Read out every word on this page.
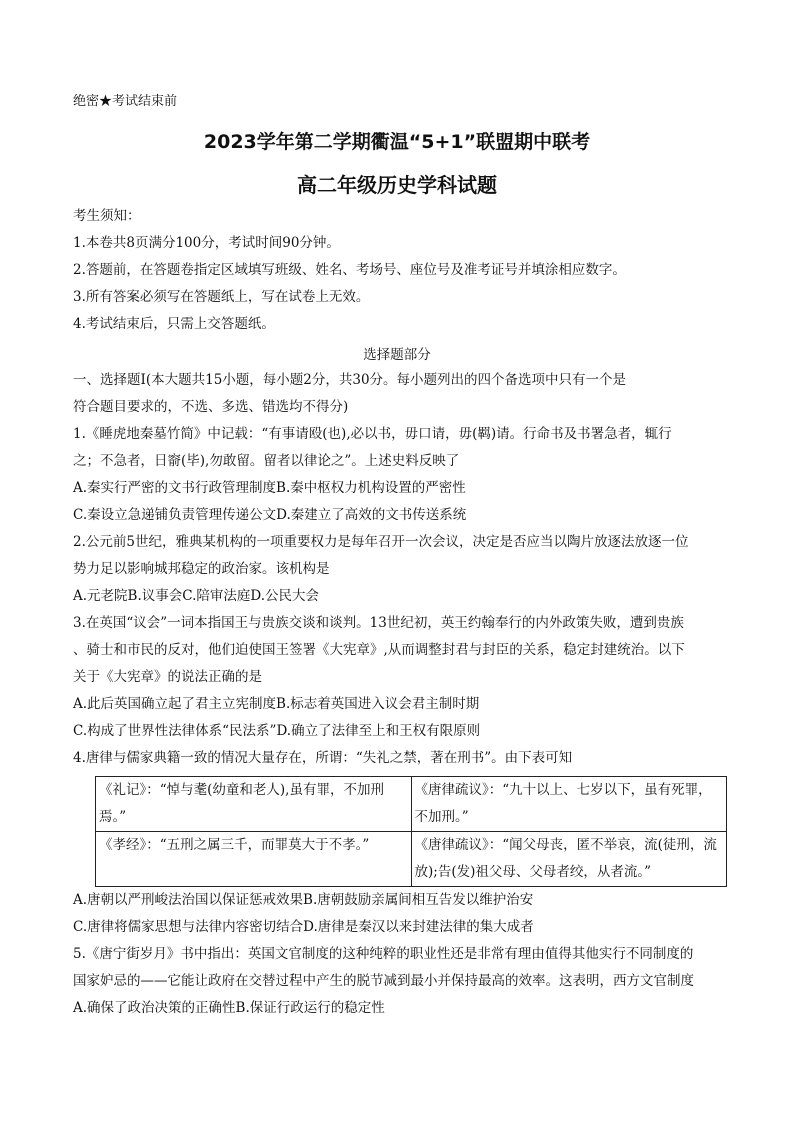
绝密★考试结束前
2023学年第二学期衢温“5+1”联盟期中联考
高二年级历史学科试题
考生须知：
1.本卷共8页满分100分，考试时间90分钟。
2.答题前，在答题卷指定区域填写班级、姓名、考场号、座位号及准考证号并填涂相应数字。
3.所有答案必须写在答题纸上，写在试卷上无效。
4.考试结束后，只需上交答题纸。
选择题部分
一、选择题Ⅰ(本大题共15小题，每小题2分，共30分。每小题列出的四个备选项中只有一个是
符合题目要求的，不选、多选、错选均不得分)
1.《睡虎地秦墓竹简》中记载：“有事请殴(也),必以书，毋口请，毋(羁)请。行命书及书署急者，辄行
之；不急者，日窬(毕),勿敢留。留者以律论之”。上述史料反映了
A.秦实行严密的文书行政管理制度B.秦中枢权力机构设置的严密性
C.秦设立急递铺负责管理传递公文D.秦建立了高效的文书传送系统
2.公元前5世纪，雅典某机构的一项重要权力是每年召开一次会议，决定是否应当以陶片放逐法放逐一位
势力足以影响城邦稳定的政治家。该机构是
A.元老院B.议事会C.陪审法庭D.公民大会
3.在英国“议会”一词本指国王与贵族交谈和谈判。13世纪初，英王约翰奉行的内外政策失败，遭到贵族
、骑士和市民的反对，他们迫使国王签署《大宪章》,从而调整封君与封臣的关系，稳定封建统治。以下
关于《大宪章》的说法正确的是
A.此后英国确立起了君主立宪制度B.标志着英国进入议会君主制时期
C.构成了世界性法律体系“民法系”D.确立了法律至上和王权有限原则
4.唐律与儒家典籍一致的情况大量存在，所谓：“失礼之禁，著在刑书”。由下表可知
《礼记》：“悼与耄(幼童和老人),虽有罪，不加刑焉。”	《唐律疏议》：“九十以上、七岁以下，虽有死罪，不加刑。”
《孝经》：“五刑之属三千，而罪莫大于不孝。”	《唐律疏议》：“闻父母丧，匿不举哀，流(徒刑，流放);告(发)祖父母、父母者绞，从者流。”
A.唐朝以严刑峻法治国以保证惩戒效果B.唐朝鼓励亲属间相互告发以维护治安
C.唐律将儒家思想与法律内容密切结合D.唐律是秦汉以来封建法律的集大成者
5.《唐宁街岁月》书中指出：英国文官制度的这种纯粹的职业性还是非常有理由值得其他实行不同制度的
国家妒忌的——它能让政府在交替过程中产生的脱节减到最小并保持最高的效率。这表明，西方文官制度
A.确保了政治决策的正确性B.保证行政运行的稳定性
